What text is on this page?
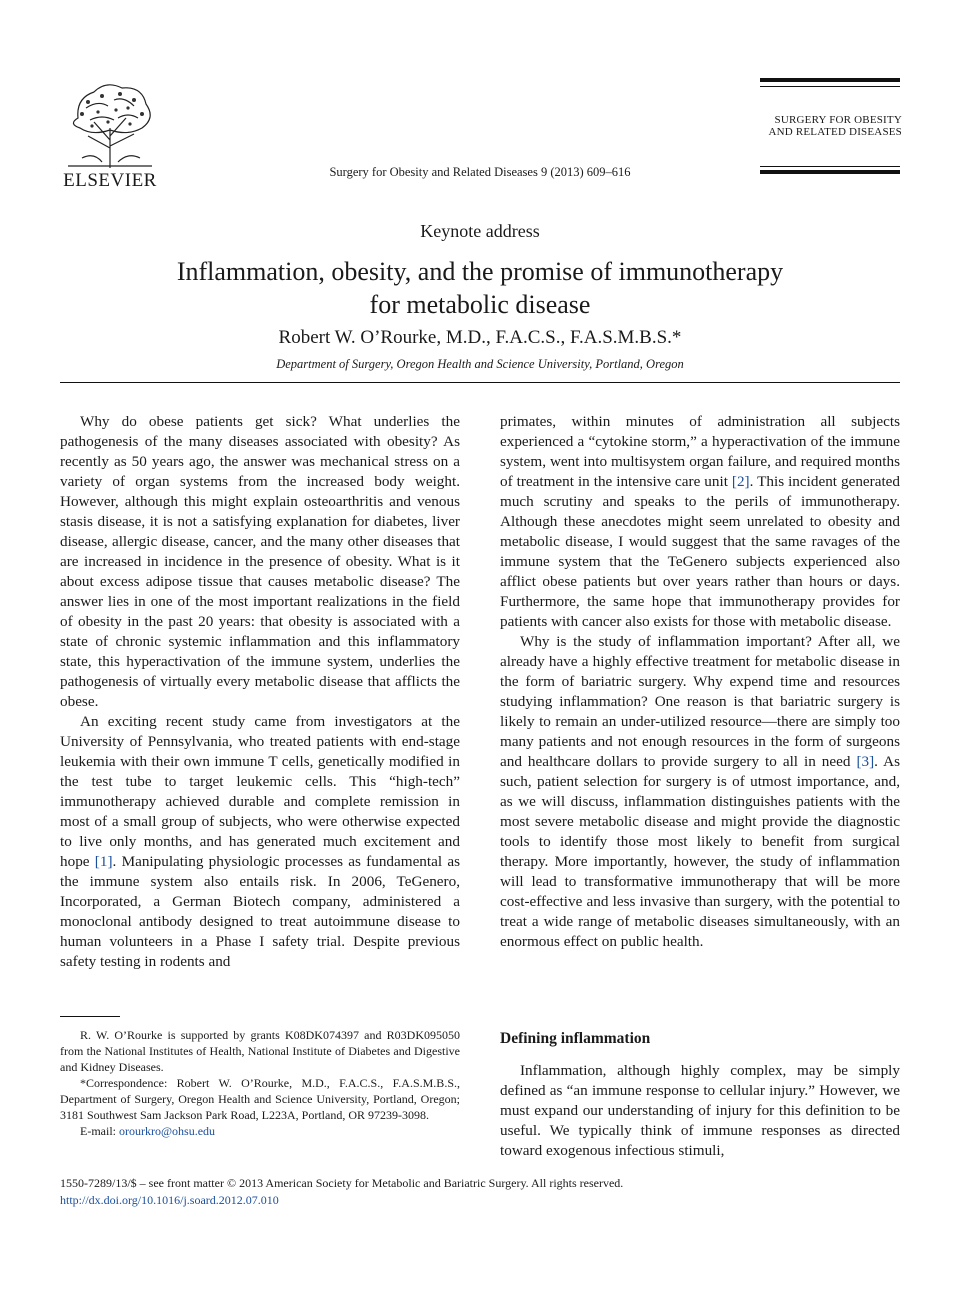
ELSEVIER	Surgery for Obesity and Related Diseases 9 (2013) 609–616
SURGERY FOR OBESITY
AND RELATED DISEASES
Keynote address
Inflammation, obesity, and the promise of immunotherapy
for metabolic disease
Robert W. O’Rourke, M.D., F.A.C.S., F.A.S.M.B.S.*
Department of Surgery, Oregon Health and Science University, Portland, Oregon

Why do obese patients get sick? What underlies the pathogenesis of the many diseases associated with obesity? As recently as 50 years ago, the answer was mechanical stress on a variety of organ systems from the increased body weight. However, although this might explain osteoarthritis and venous stasis disease, it is not a satisfying explanation for diabetes, liver disease, allergic disease, cancer, and the many other diseases that are increased in incidence in the presence of obesity. What is it about excess adipose tissue that causes metabolic disease? The answer lies in one of the most important realizations in the field of obesity in the past 20 years: that obesity is associated with a state of chronic systemic inflammation and this inflammatory state, this hyperactivation of the immune system, underlies the pathogenesis of virtually every metabolic disease that afflicts the obese.

An exciting recent study came from investigators at the University of Pennsylvania, who treated patients with end-stage leukemia with their own immune T cells, genetically modified in the test tube to target leukemic cells. This “high-tech” immunotherapy achieved durable and complete remission in most of a small group of subjects, who were otherwise expected to live only months, and has generated much excitement and hope [1]. Manipulating physiologic processes as fundamental as the immune system also entails risk. In 2006, TeGenero, Incorporated, a German Biotech company, administered a monoclonal antibody designed to treat autoimmune disease to human volunteers in a Phase I safety trial. Despite previous safety testing in rodents and

primates, within minutes of administration all subjects experienced a “cytokine storm,” a hyperactivation of the immune system, went into multisystem organ failure, and required months of treatment in the intensive care unit [2]. This incident generated much scrutiny and speaks to the perils of immunotherapy. Although these anecdotes might seem unrelated to obesity and metabolic disease, I would suggest that the same ravages of the immune system that the TeGenero subjects experienced also afflict obese patients but over years rather than hours or days. Furthermore, the same hope that immunotherapy provides for patients with cancer also exists for those with metabolic disease.

Why is the study of inflammation important? After all, we already have a highly effective treatment for metabolic disease in the form of bariatric surgery. Why expend time and resources studying inflammation? One reason is that bariatric surgery is likely to remain an under-utilized resource—there are simply too many patients and not enough resources in the form of surgeons and healthcare dollars to provide surgery to all in need [3]. As such, patient selection for surgery is of utmost importance, and, as we will discuss, inflammation distinguishes patients with the most severe metabolic disease and might provide the diagnostic tools to identify those most likely to benefit from surgical therapy. More importantly, however, the study of inflammation will lead to transformative immunotherapy that will be more cost-effective and less invasive than surgery, with the potential to treat a wide range of metabolic diseases simultaneously, with an enormous effect on public health.

Defining inflammation

Inflammation, although highly complex, may be simply defined as “an immune response to cellular injury.” However, we must expand our understanding of injury for this definition to be useful. We typically think of immune responses as directed toward exogenous infectious stimuli,

R. W. O’Rourke is supported by grants K08DK074397 and R03DK095050 from the National Institutes of Health, National Institute of Diabetes and Digestive and Kidney Diseases.

*Correspondence: Robert W. O’Rourke, M.D., F.A.C.S., F.A.S.M.B.S., Department of Surgery, Oregon Health and Science University, Portland, Oregon; 3181 Southwest Sam Jackson Park Road, L223A, Portland, OR 97239-3098.

E-mail: orourkro@ohsu.edu

1550-7289/13/$ – see front matter © 2013 American Society for Metabolic and Bariatric Surgery. All rights reserved.
http://dx.doi.org/10.1016/j.soard.2012.07.010
